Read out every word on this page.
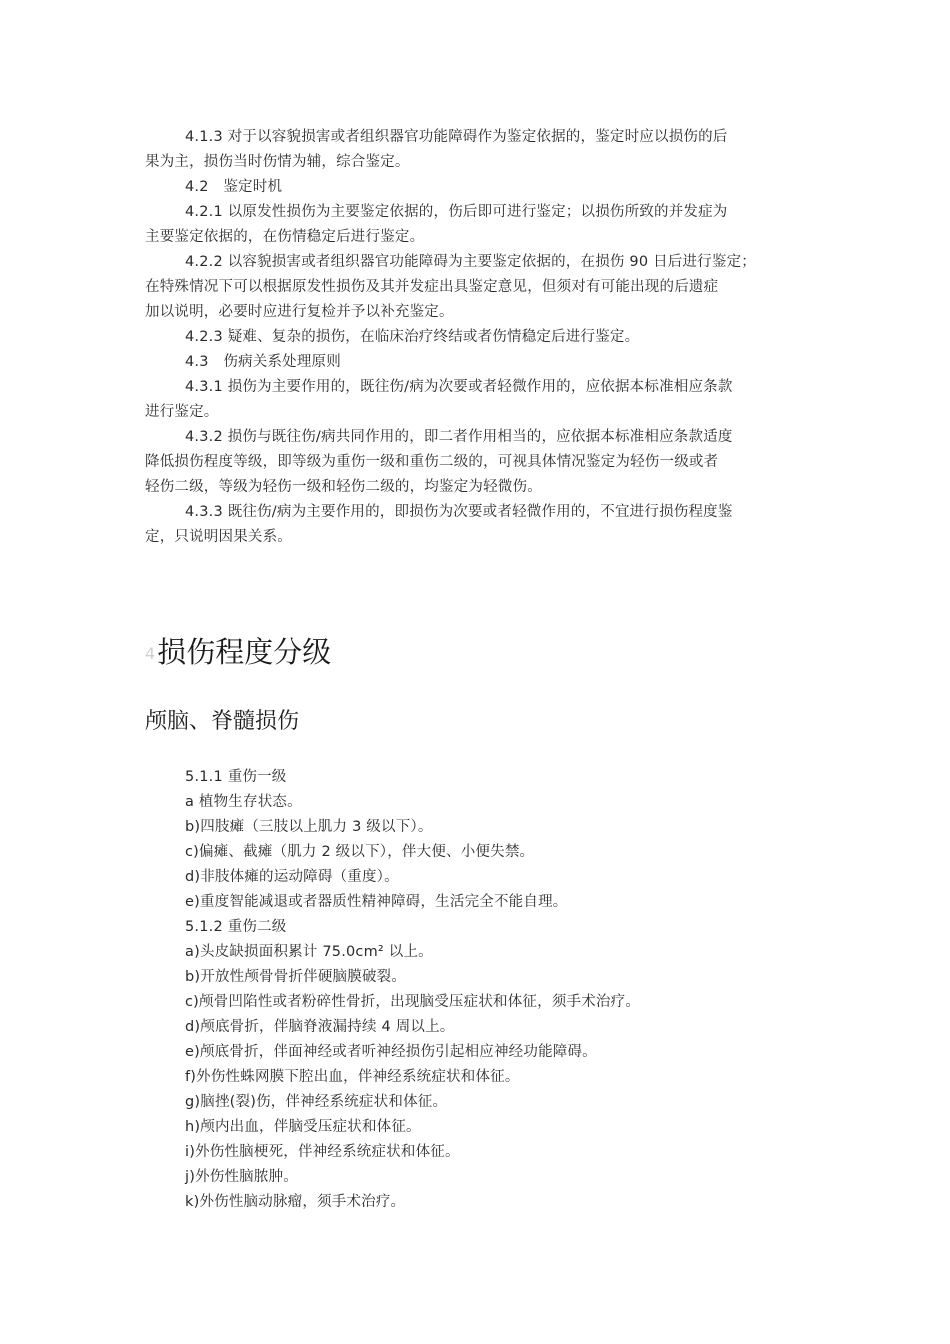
4.1.3 对于以容貌损害或者组织器官功能障碍作为鉴定依据的，鉴定时应以损伤的后
果为主，损伤当时伤情为辅，综合鉴定。

4.2　鉴定时机

4.2.1 以原发性损伤为主要鉴定依据的，伤后即可进行鉴定；以损伤所致的并发症为
主要鉴定依据的，在伤情稳定后进行鉴定。

4.2.2 以容貌损害或者组织器官功能障碍为主要鉴定依据的，在损伤 90 日后进行鉴定；
在特殊情况下可以根据原发性损伤及其并发症出具鉴定意见，但须对有可能出现的后遗症
加以说明，必要时应进行复检并予以补充鉴定。

4.2.3 疑难、复杂的损伤，在临床治疗终结或者伤情稳定后进行鉴定。

4.3　伤病关系处理原则

4.3.1 损伤为主要作用的，既往伤/病为次要或者轻微作用的，应依据本标准相应条款
进行鉴定。

4.3.2 损伤与既往伤/病共同作用的，即二者作用相当的，应依据本标准相应条款适度
降低损伤程度等级，即等级为重伤一级和重伤二级的，可视具体情况鉴定为轻伤一级或者
轻伤二级，等级为轻伤一级和轻伤二级的，均鉴定为轻微伤。

4.3.3 既往伤/病为主要作用的，即损伤为次要或者轻微作用的，不宜进行损伤程度鉴
定，只说明因果关系。

4损伤程度分级
颅脑、脊髓损伤
5.1.1 重伤一级
a 植物生存状态。
b)四肢瘫（三肢以上肌力 3 级以下）。
c)偏瘫、截瘫（肌力 2 级以下），伴大便、小便失禁。
d)非肢体瘫的运动障碍（重度）。
e)重度智能减退或者器质性精神障碍，生活完全不能自理。
5.1.2 重伤二级
a)头皮缺损面积累计 75.0cm² 以上。
b)开放性颅骨骨折伴硬脑膜破裂。
c)颅骨凹陷性或者粉碎性骨折，出现脑受压症状和体征，须手术治疗。
d)颅底骨折，伴脑脊液漏持续 4 周以上。
e)颅底骨折，伴面神经或者听神经损伤引起相应神经功能障碍。
f)外伤性蛛网膜下腔出血，伴神经系统症状和体征。
g)脑挫(裂)伤，伴神经系统症状和体征。
h)颅内出血，伴脑受压症状和体征。
i)外伤性脑梗死，伴神经系统症状和体征。
j)外伤性脑脓肿。
k)外伤性脑动脉瘤，须手术治疗。
